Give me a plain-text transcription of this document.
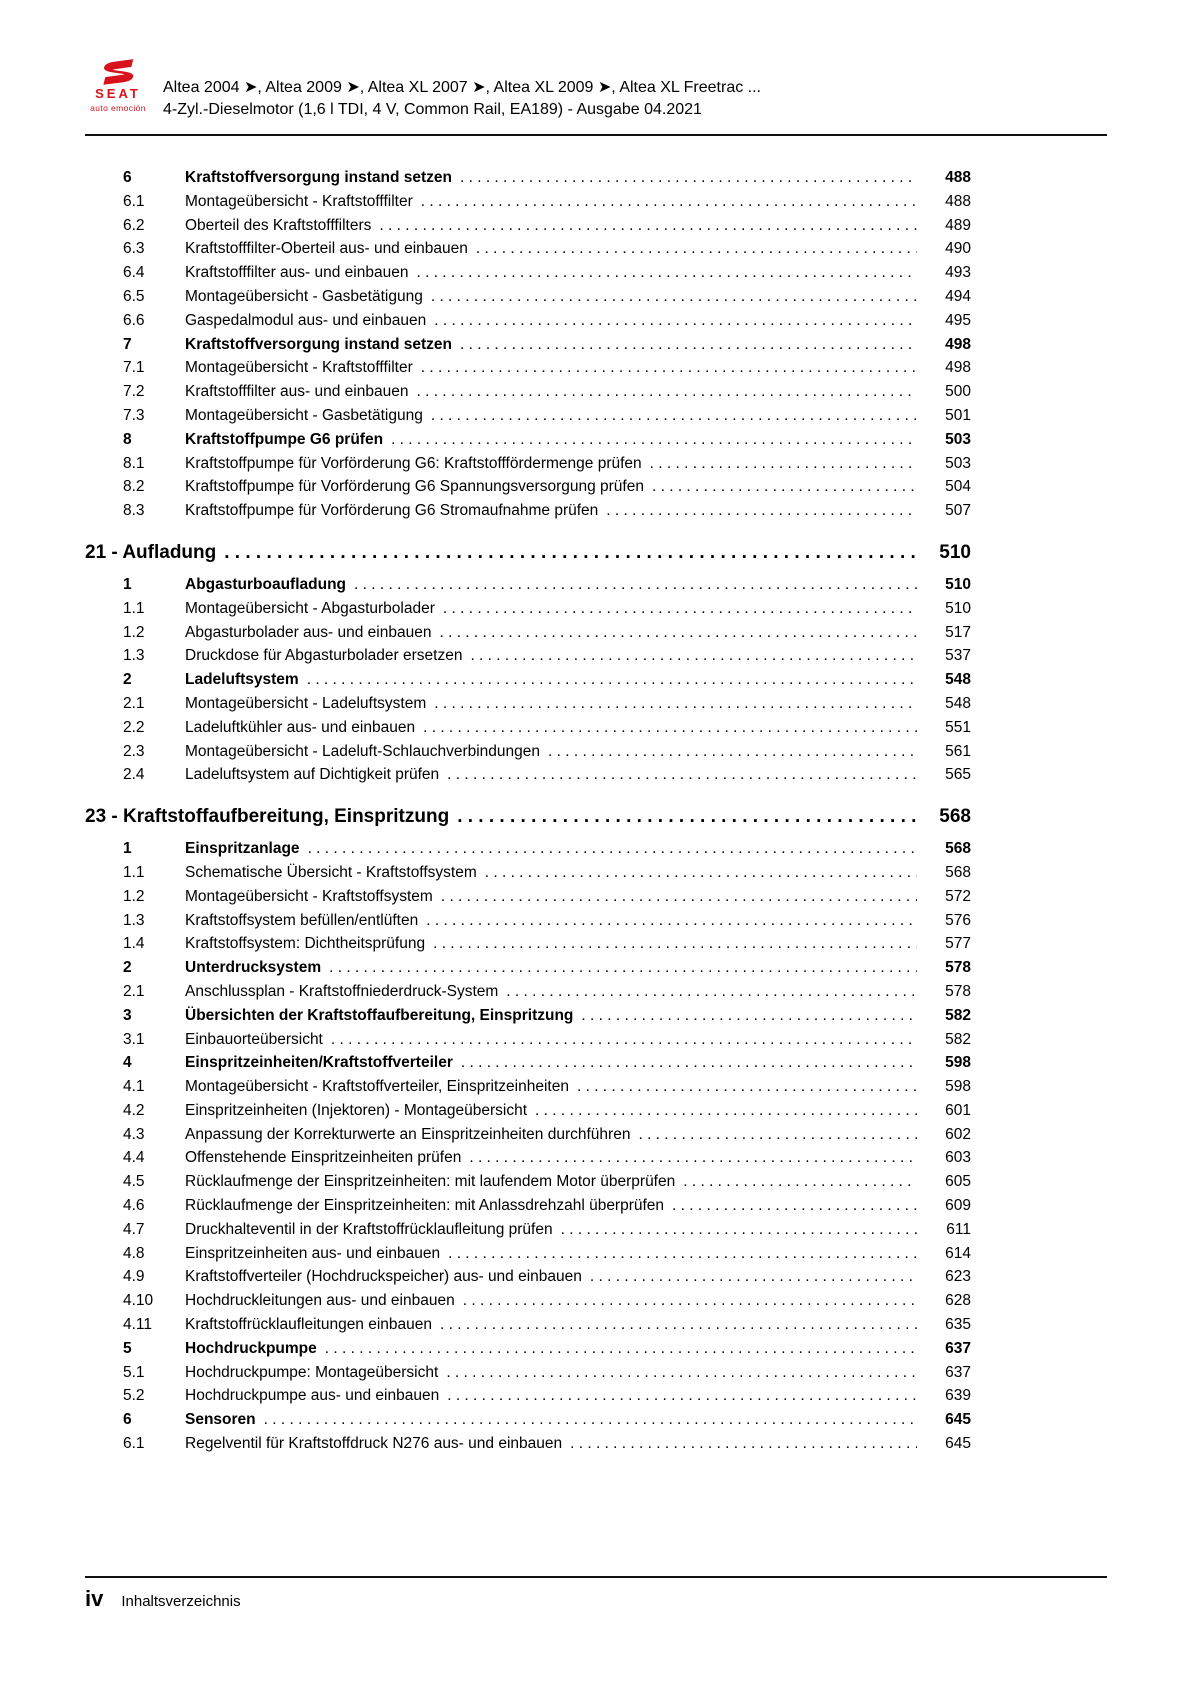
SEAT
auto emoción
Altea 2004 ➤, Altea 2009 ➤, Altea XL 2007 ➤, Altea XL 2009 ➤, Altea XL Freetrac ...
4-Zyl.-Dieselmotor (1,6 l TDI, 4 V, Common Rail, EA189) - Ausgabe 04.2021
6	Kraftstoffversorgung instand setzen . . .	488
6.1	Montageübersicht - Kraftstofffilter . . .	488
6.2	Oberteil des Kraftstofffilters . . .	489
6.3	Kraftstofffilter-Oberteil aus- und einbauen . . .	490
6.4	Kraftstofffilter aus- und einbauen . . .	493
6.5	Montageübersicht - Gasbetätigung . . .	494
6.6	Gaspedalmodul aus- und einbauen . . .	495
7	Kraftstoffversorgung instand setzen . . .	498
7.1	Montageübersicht - Kraftstofffilter . . .	498
7.2	Kraftstofffilter aus- und einbauen . . .	500
7.3	Montageübersicht - Gasbetätigung . . .	501
8	Kraftstoffpumpe G6 prüfen . . .	503
8.1	Kraftstoffpumpe für Vorförderung G6: Kraftstofffördermenge prüfen . . .	503
8.2	Kraftstoffpumpe für Vorförderung G6 Spannungsversorgung prüfen . . .	504
8.3	Kraftstoffpumpe für Vorförderung G6 Stromaufnahme prüfen . . .	507
21 - Aufladung . . .	510
1	Abgasturboaufladung . . .	510
1.1	Montageübersicht - Abgasturbolader . . .	510
1.2	Abgasturbolader aus- und einbauen . . .	517
1.3	Druckdose für Abgasturbolader ersetzen . . .	537
2	Ladeluftsystem . . .	548
2.1	Montageübersicht - Ladeluftsystem . . .	548
2.2	Ladeluftkühler aus- und einbauen . . .	551
2.3	Montageübersicht - Ladeluft-Schlauchverbindungen . . .	561
2.4	Ladeluftsystem auf Dichtigkeit prüfen . . .	565
23 - Kraftstoffaufbereitung, Einspritzung . . .	568
1	Einspritzanlage . . .	568
1.1	Schematische Übersicht - Kraftstoffsystem . . .	568
1.2	Montageübersicht - Kraftstoffsystem . . .	572
1.3	Kraftstoffsystem befüllen/entlüften . . .	576
1.4	Kraftstoffsystem: Dichtheitsprüfung . . .	577
2	Unterdrucksystem . . .	578
2.1	Anschlussplan - Kraftstoffniederdruck-System . . .	578
3	Übersichten der Kraftstoffaufbereitung, Einspritzung . . .	582
3.1	Einbauorteübersicht . . .	582
4	Einspritzeinheiten/Kraftstoffverteiler . . .	598
4.1	Montageübersicht - Kraftstoffverteiler, Einspritzeinheiten . . .	598
4.2	Einspritzeinheiten (Injektoren) - Montageübersicht . . .	601
4.3	Anpassung der Korrekturwerte an Einspritzeinheiten durchführen . . .	602
4.4	Offenstehende Einspritzeinheiten prüfen . . .	603
4.5	Rücklaufmenge der Einspritzeinheiten: mit laufendem Motor überprüfen . . .	605
4.6	Rücklaufmenge der Einspritzeinheiten: mit Anlassdrehzahl überprüfen . . .	609
4.7	Druckhalteventil in der Kraftstoffrücklaufleitung prüfen . . .	611
4.8	Einspritzeinheiten aus- und einbauen . . .	614
4.9	Kraftstoffverteiler (Hochdruckspeicher) aus- und einbauen . . .	623
4.10	Hochdruckleitungen aus- und einbauen . . .	628
4.11	Kraftstoffrücklaufleitungen einbauen . . .	635
5	Hochdruckpumpe . . .	637
5.1	Hochdruckpumpe: Montageübersicht . . .	637
5.2	Hochdruckpumpe aus- und einbauen . . .	639
6	Sensoren . . .	645
6.1	Regelventil für Kraftstoffdruck N276 aus- und einbauen . . .	645
iv Inhaltsverzeichnis
